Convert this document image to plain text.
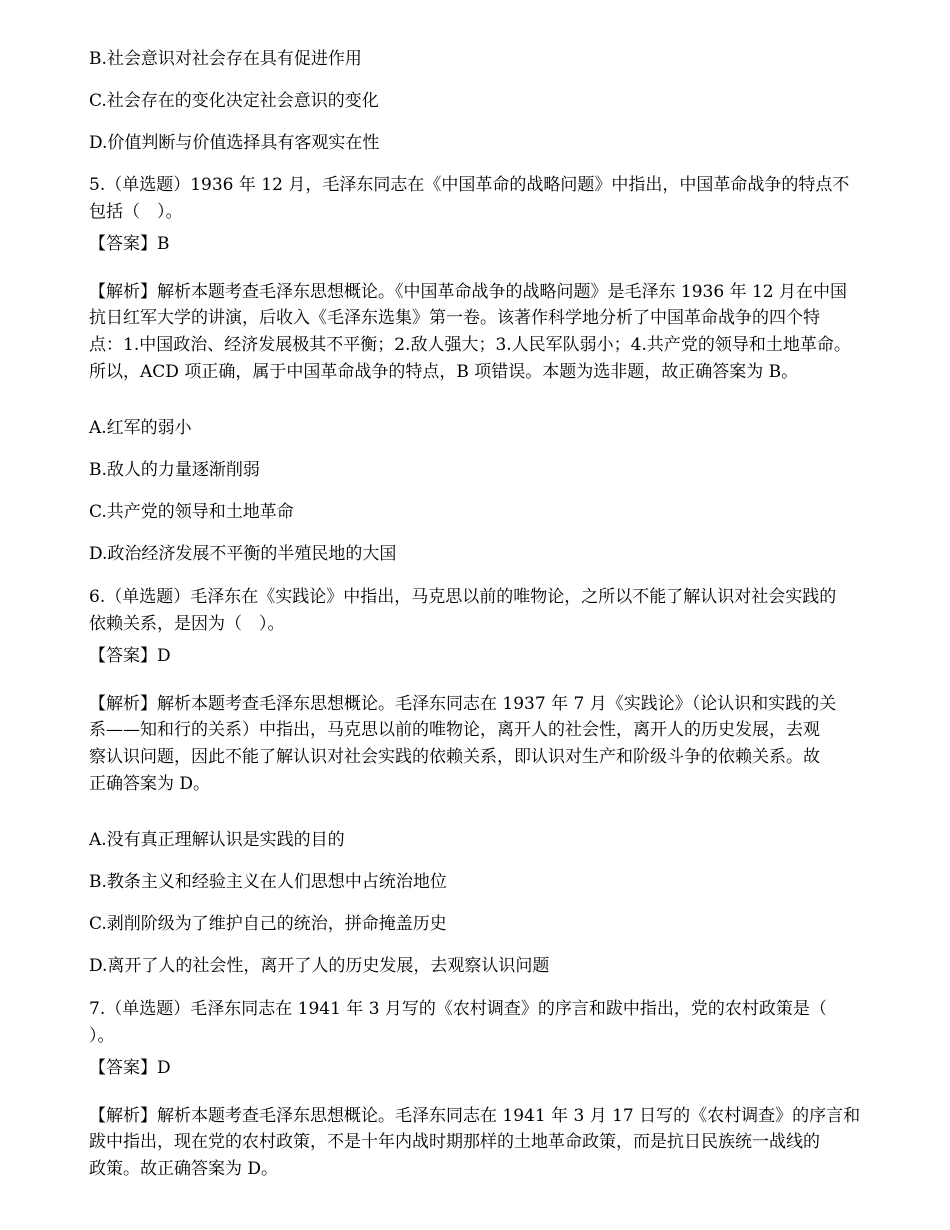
B.社会意识对社会存在具有促进作用
C.社会存在的变化决定社会意识的变化
D.价值判断与价值选择具有客观实在性
5.（单选题）1936 年 12 月，毛泽东同志在《中国革命的战略问题》中指出，中国革命战争的特点不
包括（　）。
【答案】B
【解析】解析本题考查毛泽东思想概论。《中国革命战争的战略问题》是毛泽东 1936 年 12 月在中国
抗日红军大学的讲演，后收入《毛泽东选集》第一卷。该著作科学地分析了中国革命战争的四个特
点：1.中国政治、经济发展极其不平衡；2.敌人强大；3.人民军队弱小；4.共产党的领导和土地革命。
所以，ACD 项正确，属于中国革命战争的特点，B 项错误。本题为选非题，故正确答案为 B。
A.红军的弱小
B.敌人的力量逐渐削弱
C.共产党的领导和土地革命
D.政治经济发展不平衡的半殖民地的大国
6.（单选题）毛泽东在《实践论》中指出，马克思以前的唯物论，之所以不能了解认识对社会实践的
依赖关系，是因为（　）。
【答案】D
【解析】解析本题考查毛泽东思想概论。毛泽东同志在 1937 年 7 月《实践论》（论认识和实践的关
系——知和行的关系）中指出，马克思以前的唯物论，离开人的社会性，离开人的历史发展，去观
察认识问题，因此不能了解认识对社会实践的依赖关系，即认识对生产和阶级斗争的依赖关系。故
正确答案为 D。
A.没有真正理解认识是实践的目的
B.教条主义和经验主义在人们思想中占统治地位
C.剥削阶级为了维护自己的统治，拼命掩盖历史
D.离开了人的社会性，离开了人的历史发展，去观察认识问题
7.（单选题）毛泽东同志在 1941 年 3 月写的《农村调查》的序言和跋中指出，党的农村政策是（
）。
【答案】D
【解析】解析本题考查毛泽东思想概论。毛泽东同志在 1941 年 3 月 17 日写的《农村调查》的序言和
跋中指出，现在党的农村政策，不是十年内战时期那样的土地革命政策，而是抗日民族统一战线的
政策。故正确答案为 D。
